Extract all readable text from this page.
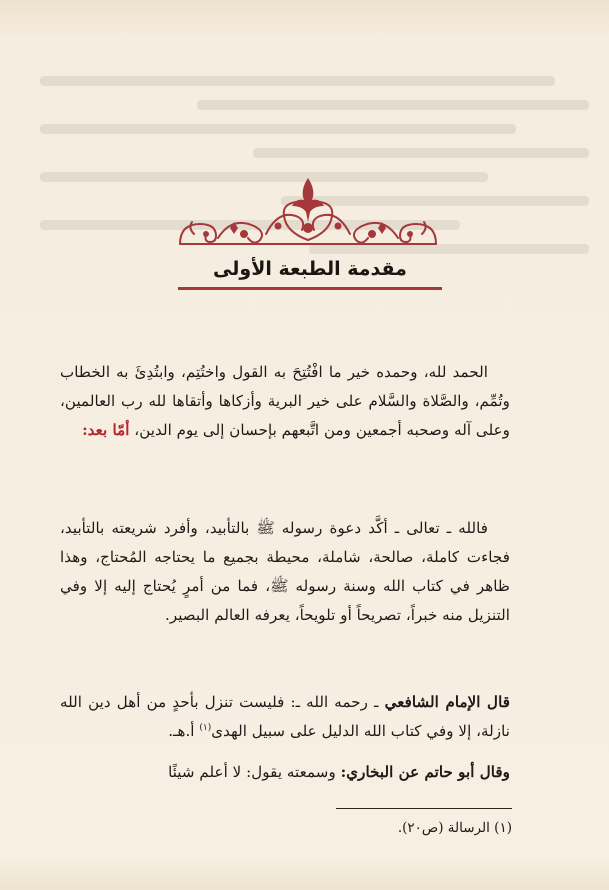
مقدمة الطبعة الأولى
الحمد لله، وحمده خير ما افْتُتِحَ به القول واختُتِم، وابتُدِئَ به الخطاب وتُمِّم، والصَّلاة والسَّلام على خير البرية وأزكاها وأتقاها لله رب العالمين، وعلى آله وصحبه أجمعين ومن اتَّبعهم بإحسان إلى يوم الدين، أمّا بعد:
فالله ـ تعالى ـ أكَّد دعوة رسوله ﷺ بالتأبيد، وأفرد شريعته بالتأبيد، فجاءت كاملة، صالحة، شاملة، محيطة بجميع ما يحتاجه المُحتاج، وهذا ظاهر في كتاب الله وسنة رسوله ﷺ، فما من أمرٍ يُحتاج إليه إلا وفي التنزيل منه خبراً، تصريحاً أو تلويحاً، يعرفه العالم البصير.
قال الإمام الشافعي ـ رحمه الله ـ: فليست تنزل بأحدٍ من أهل دين الله نازلة، إلا وفي كتاب الله الدليل على سبيل الهدى$^{(١)}$ أ.هـ.
وقال أبو حاتم عن البخاري: وسمعته يقول: لا أعلم شيئًا
(١) الرسالة (ص٢٠).
